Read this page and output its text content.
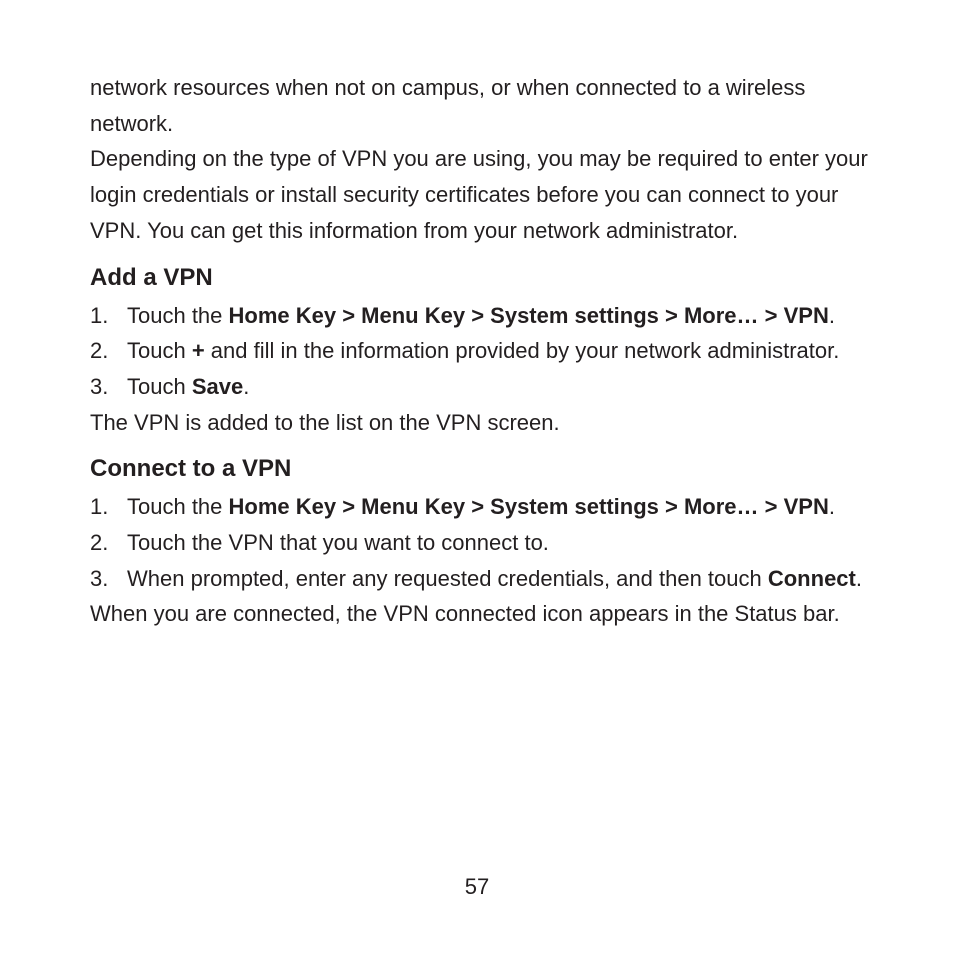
network resources when not on campus, or when connected to a wireless network.

Depending on the type of VPN you are using, you may be required to enter your login credentials or install security certificates before you can connect to your VPN. You can get this information from your network administrator.

Add a VPN
1. Touch the Home Key > Menu Key > System settings > More… > VPN.
2. Touch + and fill in the information provided by your network administrator.
3. Touch Save.

The VPN is added to the list on the VPN screen.

Connect to a VPN
1. Touch the Home Key > Menu Key > System settings > More… > VPN.
2. Touch the VPN that you want to connect to.
3. When prompted, enter any requested credentials, and then touch Connect.

When you are connected, the VPN connected icon appears in the Status bar.

57
